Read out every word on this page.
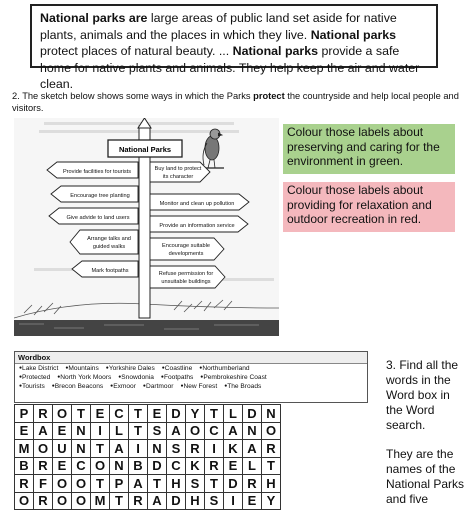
National parks are large areas of public land set aside for native plants, animals and the places in which they live. National parks protect places of natural beauty. ... National parks provide a safe home for native plants and animals. They help keep the air and water clean.
2. The sketch below shows some ways in which the Parks protect the countryside and help local people and visitors.
National Parks
Provide facilities for tourists
Encourage tree planting
Give advide to land users
Arrange talks and
guided walks
Mark footpaths
Buy land to protect
its character
Monitor and clean up pollution
Provide an information service
Encourage suitable
developments
Refuse permission for
unsuitable buildings
Colour those labels about preserving and caring for the environment in green.
Colour those labels about providing for relaxation and outdoor recreation in red.
Wordbox
● Lake District ● Mountains ● Yorkshire Dales ● Coastline ● Northumberland
● Protected ● North York Moors ● Snowdonia ● Footpaths ● Pembrokeshire Coast
● Tourists ● Brecon Beacons ● Exmoor ● Dartmoor ● New Forest ● The Broads
P	R	O	T	E	C	T	E	D	Y	T	L	D	N
E	A	E	N	I	L	T	S	A	O	C	A	N	O
M	O	U	N	T	A	I	N	S	R	I	K	A	R
B	R	E	C	O	N	B	D	C	K	R	E	L	T
R	F	O	O	T	P	A	T	H	S	T	D	R	H
O	R	O	O	M	T	R	A	D	H	S	I	E	Y

3. Find all the words in the Word box in the Word search.

They are the names of the National Parks and five
